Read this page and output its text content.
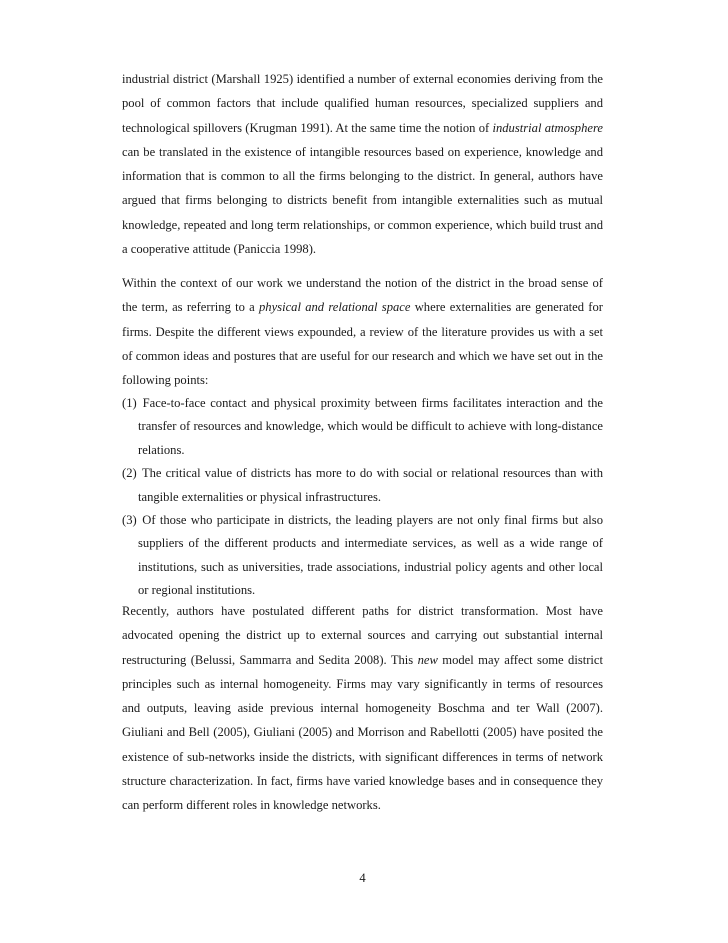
industrial district (Marshall 1925) identified a number of external economies deriving from the pool of common factors that include qualified human resources, specialized suppliers and technological spillovers (Krugman 1991). At the same time the notion of industrial atmosphere can be translated in the existence of intangible resources based on experience, knowledge and information that is common to all the firms belonging to the district. In general, authors have argued that firms belonging to districts benefit from intangible externalities such as mutual knowledge, repeated and long term relationships, or common experience, which build trust and a cooperative attitude (Paniccia 1998).

Within the context of our work we understand the notion of the district in the broad sense of the term, as referring to a physical and relational space where externalities are generated for firms. Despite the different views expounded, a review of the literature provides us with a set of common ideas and postures that are useful for our research and which we have set out in the following points:

(1) Face-to-face contact and physical proximity between firms facilitates interaction and the transfer of resources and knowledge, which would be difficult to achieve with long-distance relations.
(2) The critical value of districts has more to do with social or relational resources than with tangible externalities or physical infrastructures.
(3) Of those who participate in districts, the leading players are not only final firms but also suppliers of the different products and intermediate services, as well as a wide range of institutions, such as universities, trade associations, industrial policy agents and other local or regional institutions.

Recently, authors have postulated different paths for district transformation. Most have advocated opening the district up to external sources and carrying out substantial internal restructuring (Belussi, Sammarra and Sedita 2008). This new model may affect some district principles such as internal homogeneity. Firms may vary significantly in terms of resources and outputs, leaving aside previous internal homogeneity Boschma and ter Wall (2007). Giuliani and Bell (2005), Giuliani (2005) and Morrison and Rabellotti (2005) have posited the existence of sub-networks inside the districts, with significant differences in terms of network structure characterization. In fact, firms have varied knowledge bases and in consequence they can perform different roles in knowledge networks.

4
